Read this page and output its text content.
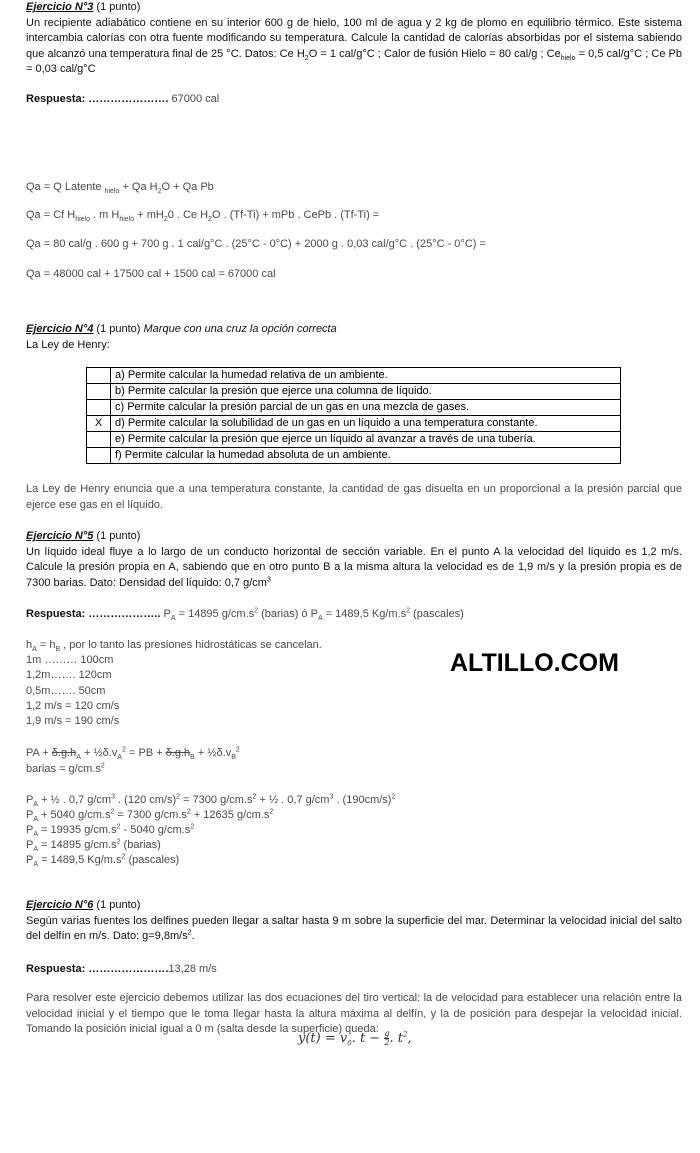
Ejercicio N°3 (1 punto)
Un recipiente adiabático contiene en su interior 600 g de hielo, 100 ml de agua y 2 kg de plomo en equilibrio térmico. Este sistema intercambia calorías con otra fuente modificando su temperatura. Calcule la cantidad de calorías absorbidas por el sistema sabiendo que alcanzó una temperatura final de 25 °C. Datos: Ce $H_2O = 1$ cal/g°C ; Calor de fusión Hielo = 80 cal/g ; $Ce_{hielo} = 0,5$ cal/g°C ; Ce Pb = 0,03 cal/g°C
Respuesta: …………………. 67000 cal
Qa = Q Latente $_{hielo}$ + Qa $H_2O + Qa$ Pb
Qa = Cf $H_{hielo}$ . m $H_{hielo} + mH_20$ . Ce $H_2O$ . (Tf-Ti) + mPb . CePb . (Tf-Ti) =
Qa = 80 cal/g . 600 g + 700 g . 1 cal/g°C . (25°C - 0°C) + 2000 g . 0,03 cal/g°C . (25°C - 0°C) =
Qa = 48000 cal + 17500 cal + 1500 cal = 67000 cal
Ejercicio N°4 (1 punto) Marque con una cruz la opción correcta
La Ley de Henry:
	a) Permite calcular la humedad relativa de un ambiente.
	b) Permite calcular la presión que ejerce una columna de líquido.
	c) Permite calcular la presión parcial de un gas en una mezcla de gases.
X	d) Permite calcular la solubilidad de un gas en un líquido a una temperatura constante.
	e) Permite calcular la presión que ejerce un líquido al avanzar a través de una tubería.
	f) Permite calcular la humedad absoluta de un ambiente.
La Ley de Henry enuncia que a una temperatura constante, la cantidad de gas disuelta en un proporcional a la presión parcial que ejerce ese gas en el líquido.
Ejercicio N°5 (1 punto)
Un líquido ideal fluye a lo largo de un conducto horizontal de sección variable. En el punto A la velocidad del líquido es 1,2 m/s. Calcule la presión propia en A, sabiendo que en otro punto B a la misma altura la velocidad es de 1,9 m/s y la presión propia es de 7300 barias. Dato: Densidad del líquido: 0,7 $g/cm^3$
Respuesta: ……………….. $P_A = 14895$ $g/cm.s^2$ (barias) ó $P_A = 1489,5$ $Kg/m.s^2$ (pascales)
$h_A = h_B$ , por lo tanto las presiones hidrostáticas se cancelan.
1m ……… 100cm
1,2m……. 120cm
0,5m……. 50cm
1,2 m/s = 120 cm/s
1,9 m/s = 190 cm/s
PA + $\delta.g.h_A$ + $\frac{1}{2}\delta.v_A^2$ = PB + $\delta.g.h_B$ + $\frac{1}{2}\delta.v_B^2$
barias = $g/cm.s^2$
$P_A$ + ½ . 0,7 $g/cm^3$ . (120 cm/s)$^2$ = 7300 $g/cm.s^2$ + ½ . 0,7 $g/cm^3$ . $(190cm/s)^2$
$P_A + 5040$ $g/cm.s^2 = 7300$ $g/cm.s^2 + 12635$ $g/cm.s^2$
$P_A = 19935$ $g/cm.s^2 - 5040$ $g/cm.s^2$
$P_A = 14895$ $g/cm.s^2$ (barias)
$P_A = 1489,5$ $Kg/m.s^2$ (pascales)
ALTILLO.COM
Ejercicio N°6 (1 punto)
Según varias fuentes los delfines pueden llegar a saltar hasta 9 m sobre la superficie del mar. Determinar la velocidad inicial del salto del delfín en m/s. Dato: $g=9,8m/s^2$.
Respuesta: ………………….13,28 m/s
Para resolver este ejercicio debemos utilizar las dos ecuaciones del tiro vertical: la de velocidad para establecer una relación entre la velocidad inicial y el tiempo que le toma llegar hasta la altura máxima al delfín, y la de posición para despejar la velocidad inicial. Tomando la posición inicial igual a 0 m (salta desde la superficie) queda:
$y(t) = v_0$. $t - \frac{g}{2}$ . $t^2$,
